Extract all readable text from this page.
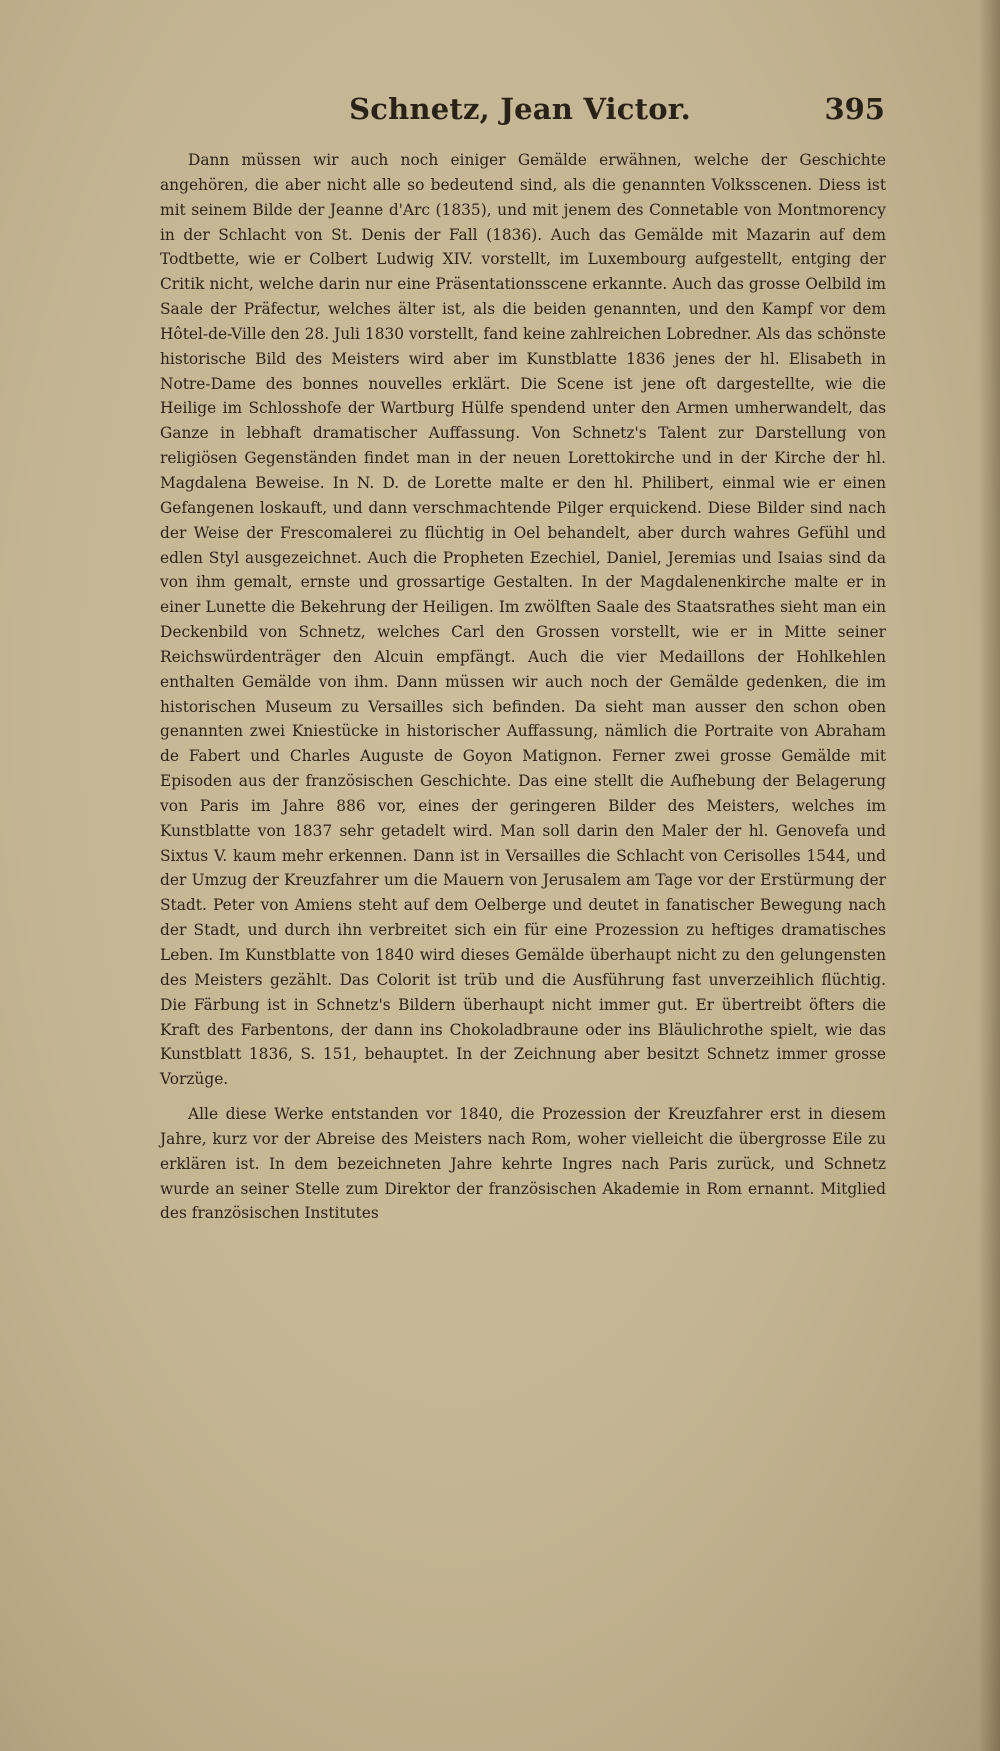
Schnetz, Jean Victor.	395

Dann müssen wir auch noch einiger Gemälde erwähnen, welche der Geschichte angehören, die aber nicht alle so bedeutend sind, als die genannten Volksscenen. Diess ist mit seinem Bilde der Jeanne d'Arc (1835), und mit jenem des Connetable von Montmorency in der Schlacht von St. Denis der Fall (1836). Auch das Gemälde mit Mazarin auf dem Todtbette, wie er Colbert Ludwig XIV. vorstellt, im Luxembourg aufgestellt, entging der Critik nicht, welche darin nur eine Präsentationsscene erkannte. Auch das grosse Oelbild im Saale der Präfectur, welches älter ist, als die beiden genannten, und den Kampf vor dem Hôtel-de-Ville den 28. Juli 1830 vorstellt, fand keine zahlreichen Lobredner. Als das schönste historische Bild des Meisters wird aber im Kunstblatte 1836 jenes der hl. Elisabeth in Notre-Dame des bonnes nouvelles erklärt. Die Scene ist jene oft dargestellte, wie die Heilige im Schlosshofe der Wartburg Hülfe spendend unter den Armen umherwandelt, das Ganze in lebhaft dramatischer Auffassung. Von Schnetz's Talent zur Darstellung von religiösen Gegenständen findet man in der neuen Lorettokirche und in der Kirche der hl. Magdalena Beweise. In N. D. de Lorette malte er den hl. Philibert, einmal wie er einen Gefangenen loskauft, und dann verschmachtende Pilger erquickend. Diese Bilder sind nach der Weise der Frescomalerei zu flüchtig in Oel behandelt, aber durch wahres Gefühl und edlen Styl ausgezeichnet. Auch die Propheten Ezechiel, Daniel, Jeremias und Isaias sind da von ihm gemalt, ernste und grossartige Gestalten. In der Magdalenenkirche malte er in einer Lunette die Bekehrung der Heiligen. Im zwölften Saale des Staatsrathes sieht man ein Deckenbild von Schnetz, welches Carl den Grossen vorstellt, wie er in Mitte seiner Reichswürdenträger den Alcuin empfängt. Auch die vier Medaillons der Hohlkehlen enthalten Gemälde von ihm. Dann müssen wir auch noch der Gemälde gedenken, die im historischen Museum zu Versailles sich befinden. Da sieht man ausser den schon oben genannten zwei Kniestücke in historischer Auffassung, nämlich die Portraite von Abraham de Fabert und Charles Auguste de Goyon Matignon. Ferner zwei grosse Gemälde mit Episoden aus der französischen Geschichte. Das eine stellt die Aufhebung der Belagerung von Paris im Jahre 886 vor, eines der geringeren Bilder des Meisters, welches im Kunstblatte von 1837 sehr getadelt wird. Man soll darin den Maler der hl. Genovefa und Sixtus V. kaum mehr erkennen. Dann ist in Versailles die Schlacht von Cerisolles 1544, und der Umzug der Kreuzfahrer um die Mauern von Jerusalem am Tage vor der Erstürmung der Stadt. Peter von Amiens steht auf dem Oelberge und deutet in fanatischer Bewegung nach der Stadt, und durch ihn verbreitet sich ein für eine Prozession zu heftiges dramatisches Leben. Im Kunstblatte von 1840 wird dieses Gemälde überhaupt nicht zu den gelungensten des Meisters gezählt. Das Colorit ist trüb und die Ausführung fast unverzeihlich flüchtig. Die Färbung ist in Schnetz's Bildern überhaupt nicht immer gut. Er übertreibt öfters die Kraft des Farbentons, der dann ins Chokoladbraune oder ins Bläulichrothe spielt, wie das Kunstblatt 1836, S. 151, behauptet. In der Zeichnung aber besitzt Schnetz immer grosse Vorzüge.

Alle diese Werke entstanden vor 1840, die Prozession der Kreuzfahrer erst in diesem Jahre, kurz vor der Abreise des Meisters nach Rom, woher vielleicht die übergrosse Eile zu erklären ist. In dem bezeichneten Jahre kehrte Ingres nach Paris zurück, und Schnetz wurde an seiner Stelle zum Direktor der französischen Akademie in Rom ernannt. Mitglied des französischen Institutes
